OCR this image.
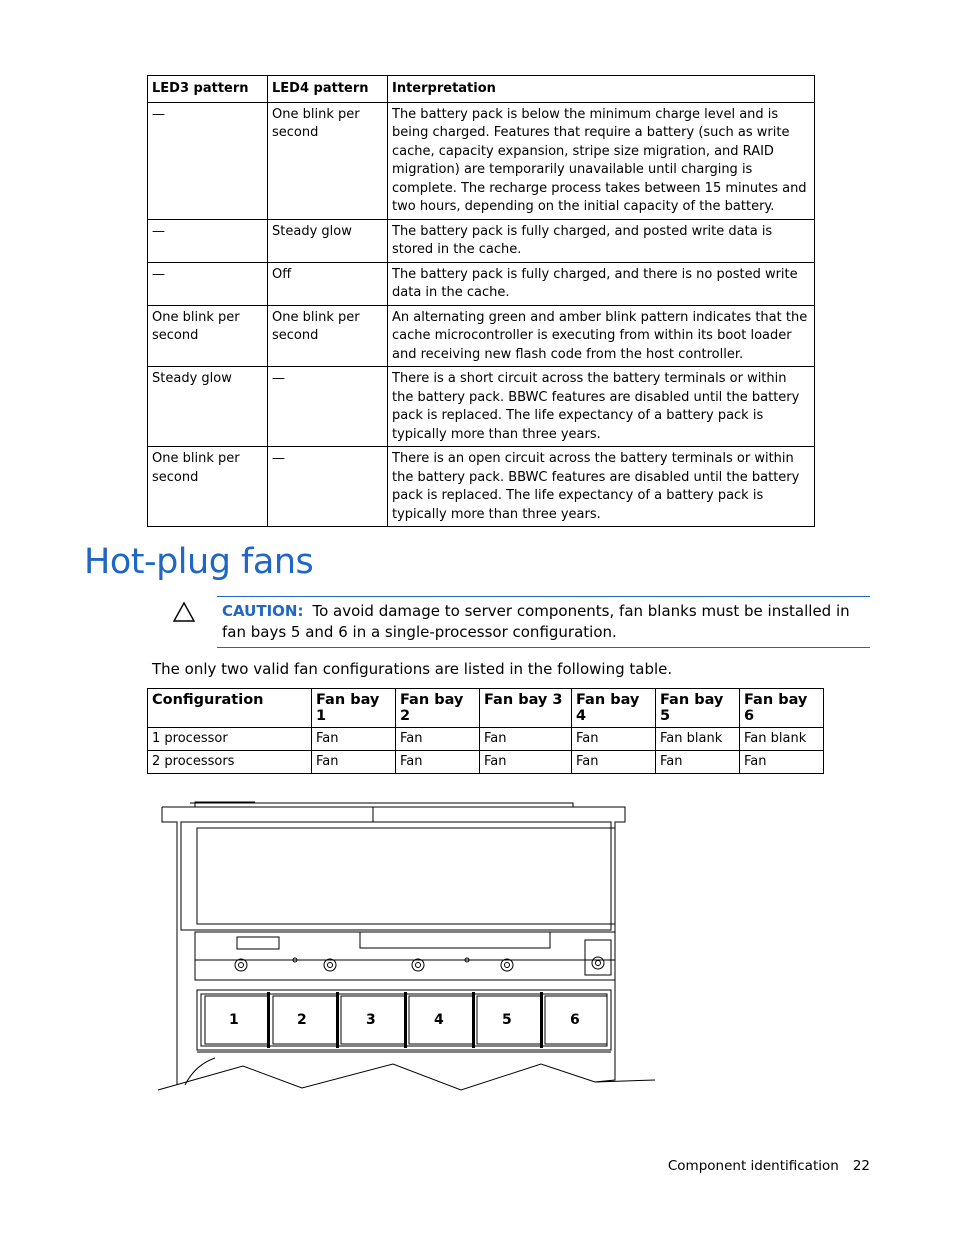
LED3 pattern	LED4 pattern	Interpretation
—	One blink per second	The battery pack is below the minimum charge level and is being charged. Features that require a battery (such as write cache, capacity expansion, stripe size migration, and RAID migration) are temporarily unavailable until charging is complete. The recharge process takes between 15 minutes and two hours, depending on the initial capacity of the battery.
—	Steady glow	The battery pack is fully charged, and posted write data is stored in the cache.
—	Off	The battery pack is fully charged, and there is no posted write data in the cache.
One blink per second	One blink per second	An alternating green and amber blink pattern indicates that the cache microcontroller is executing from within its boot loader and receiving new flash code from the host controller.
Steady glow	—	There is a short circuit across the battery terminals or within the battery pack. BBWC features are disabled until the battery pack is replaced. The life expectancy of a battery pack is typically more than three years.
One blink per second	—	There is an open circuit across the battery terminals or within the battery pack. BBWC features are disabled until the battery pack is replaced. The life expectancy of a battery pack is typically more than three years.
Hot-plug fans
CAUTION: To avoid damage to server components, fan blanks must be installed in fan bays 5 and 6 in a single-processor configuration.

The only two valid fan configurations are listed in the following table.

Configuration	Fan bay 1	Fan bay 2	Fan bay 3	Fan bay 4	Fan bay 5	Fan bay 6
1 processor	Fan	Fan	Fan	Fan	Fan blank	Fan blank
2 processors	Fan	Fan	Fan	Fan	Fan	Fan
1	2	3	4	5	6
Component identification 22
